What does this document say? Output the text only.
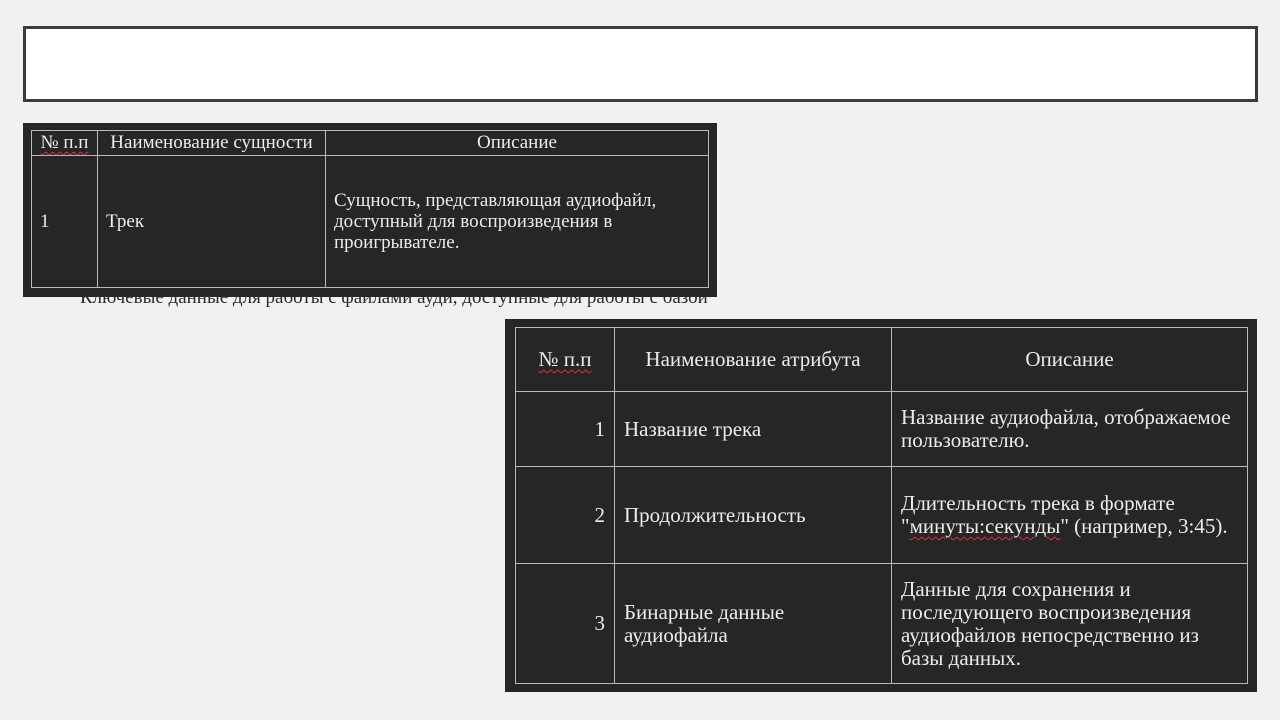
№ п.п	Наименование сущности	Описание
1	Трек	Сущность, представляющая аудиофайл, доступный для воспроизведения в проигрывателе.
Ключевые данные для работы с файлами ауди, доступные для работы с базой
№ п.п	Наименование атрибута	Описание
1	Название трека	Название аудиофайла, отображаемое пользователю.
2	Продолжительность	Длительность трека в формате "минуты:секунды" (например, 3:45).
3	Бинарные данные аудиофайла	Данные для сохранения и последующего воспроизведения аудиофайлов непосредственно из базы данных.
